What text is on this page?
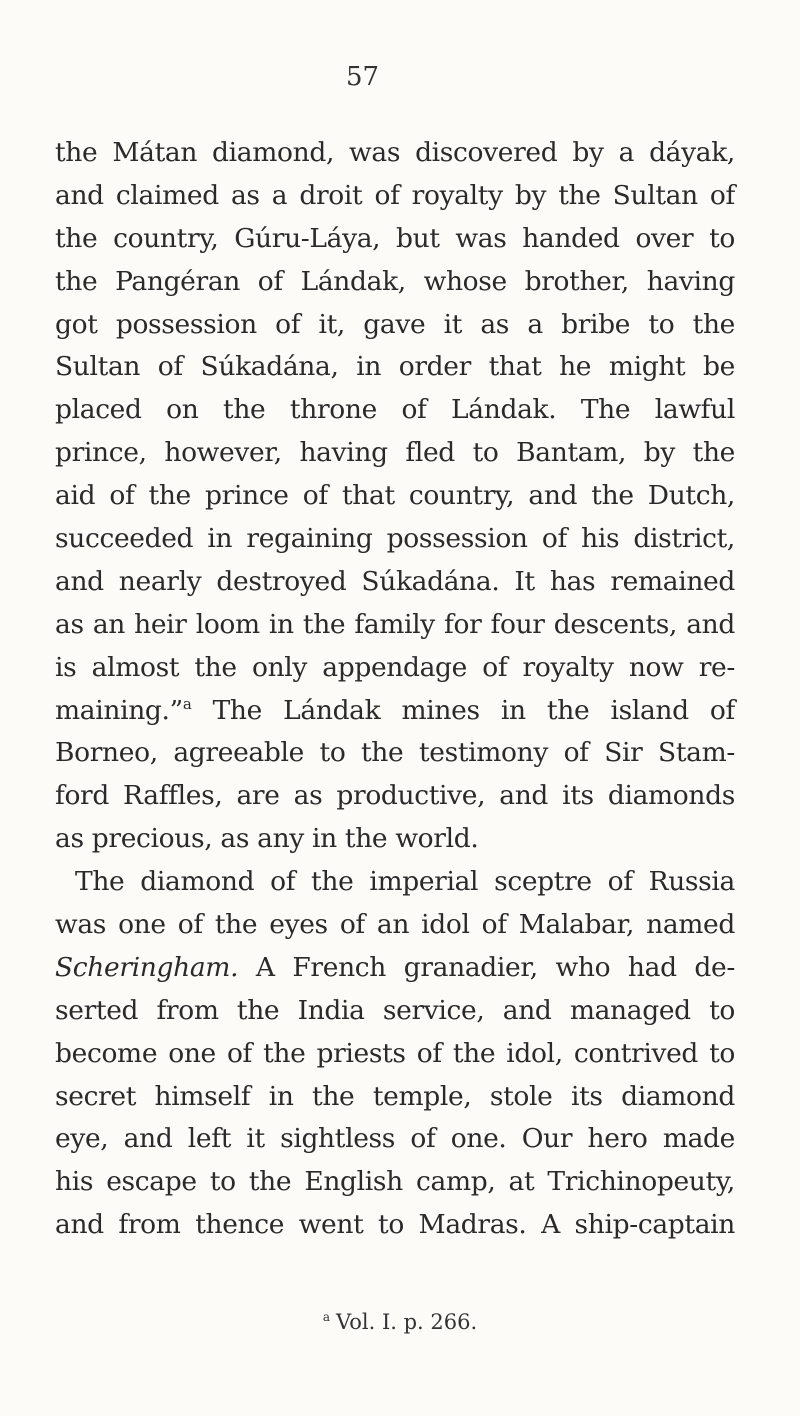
57
the Mátan diamond, was discovered by a dáyak,
and claimed as a droit of royalty by the Sultan of
the country, Gúru-Láya, but was handed over to
the Pangéran of Lándak, whose brother, having
got possession of it, gave it as a bribe to the
Sultan of Súkadána, in order that he might be
placed on the throne of Lándak. The lawful
prince, however, having fled to Bantam, by the
aid of the prince of that country, and the Dutch,
succeeded in regaining possession of his district,
and nearly destroyed Súkadána. It has remained
as an heir loom in the family for four descents, and
is almost the only appendage of royalty now re-
maining.”$^a$ The Lándak mines in the island of
Borneo, agreeable to the testimony of Sir Stam-
ford Raffles, are as productive, and its diamonds
as precious, as any in the world.
The diamond of the imperial sceptre of Russia
was one of the eyes of an idol of Malabar, named
Scheringham. A French granadier, who had de-
serted from the India service, and managed to
become one of the priests of the idol, contrived to
secret himself in the temple, stole its diamond
eye, and left it sightless of one. Our hero made
his escape to the English camp, at Trichinopeuty,
and from thence went to Madras. A ship-captain
$^a$ Vol. I. p. 266.
